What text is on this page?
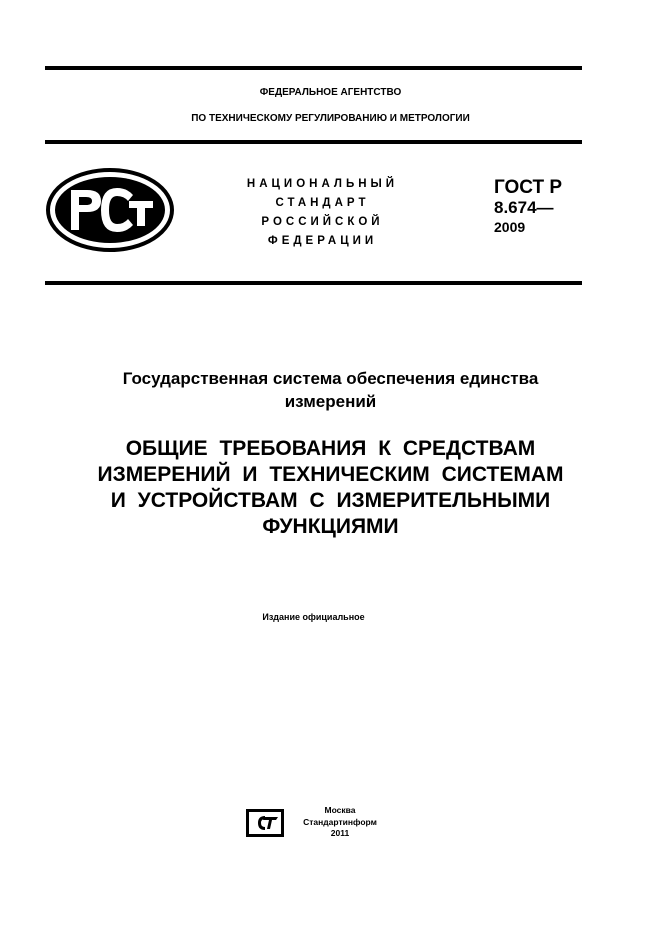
ФЕДЕРАЛЬНОЕ АГЕНТСТВО
ПО ТЕХНИЧЕСКОМУ РЕГУЛИРОВАНИЮ И МЕТРОЛОГИИ
НАЦИОНАЛЬНЫЙ
СТАНДАРТ
РОССИЙСКОЙ
ФЕДЕРАЦИИ
ГОСТ Р
8.674—
2009
Государственная система обеспечения единства
измерений
ОБЩИЕ ТРЕБОВАНИЯ К СРЕДСТВАМ
ИЗМЕРЕНИЙ И ТЕХНИЧЕСКИМ СИСТЕМАМ
И УСТРОЙСТВАМ С ИЗМЕРИТЕЛЬНЫМИ
ФУНКЦИЯМИ
Издание официальное
Москва
Стандартинформ
2011
